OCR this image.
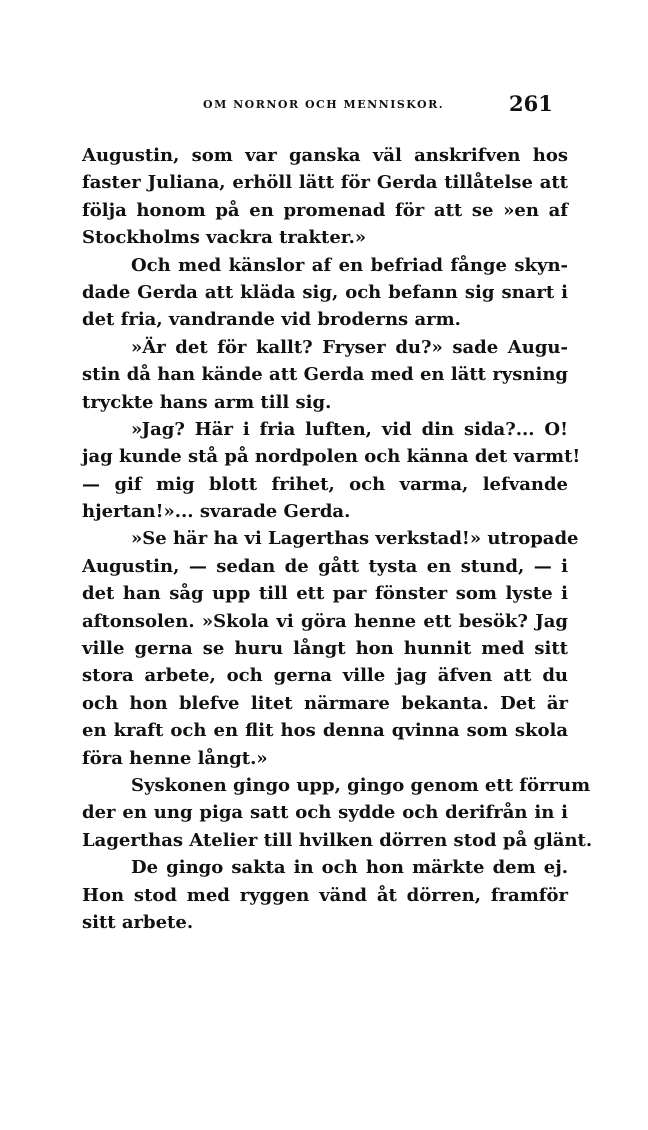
OM NORNOR OCH MENNISKOR.	261
Augustin, som var ganska väl anskrifven hos
faster Juliana, erhöll lätt för Gerda tillåtelse att
följa honom på en promenad för att se »en af
Stockholms vackra trakter.»
Och med känslor af en befriad fånge skyn-
dade Gerda att kläda sig, och befann sig snart i
det fria, vandrande vid broderns arm.
»Är det för kallt? Fryser du?» sade Augu-
stin då han kände att Gerda med en lätt rysning
tryckte hans arm till sig.
»Jag? Här i fria luften, vid din sida?... O!
jag kunde stå på nordpolen och känna det varmt!
— gif mig blott frihet, och varma, lefvande
hjertan!»... svarade Gerda.
»Se här ha vi Lagerthas verkstad!» utropade
Augustin, — sedan de gått tysta en stund, — i
det han såg upp till ett par fönster som lyste i
aftonsolen. »Skola vi göra henne ett besök? Jag
ville gerna se huru långt hon hunnit med sitt
stora arbete, och gerna ville jag äfven att du
och hon blefve litet närmare bekanta. Det är
en kraft och en flit hos denna qvinna som skola
föra henne långt.»
Syskonen gingo upp, gingo genom ett förrum
der en ung piga satt och sydde och derifrån in i
Lagerthas Atelier till hvilken dörren stod på glänt.
De gingo sakta in och hon märkte dem ej.
Hon stod med ryggen vänd åt dörren, framför
sitt arbete.
